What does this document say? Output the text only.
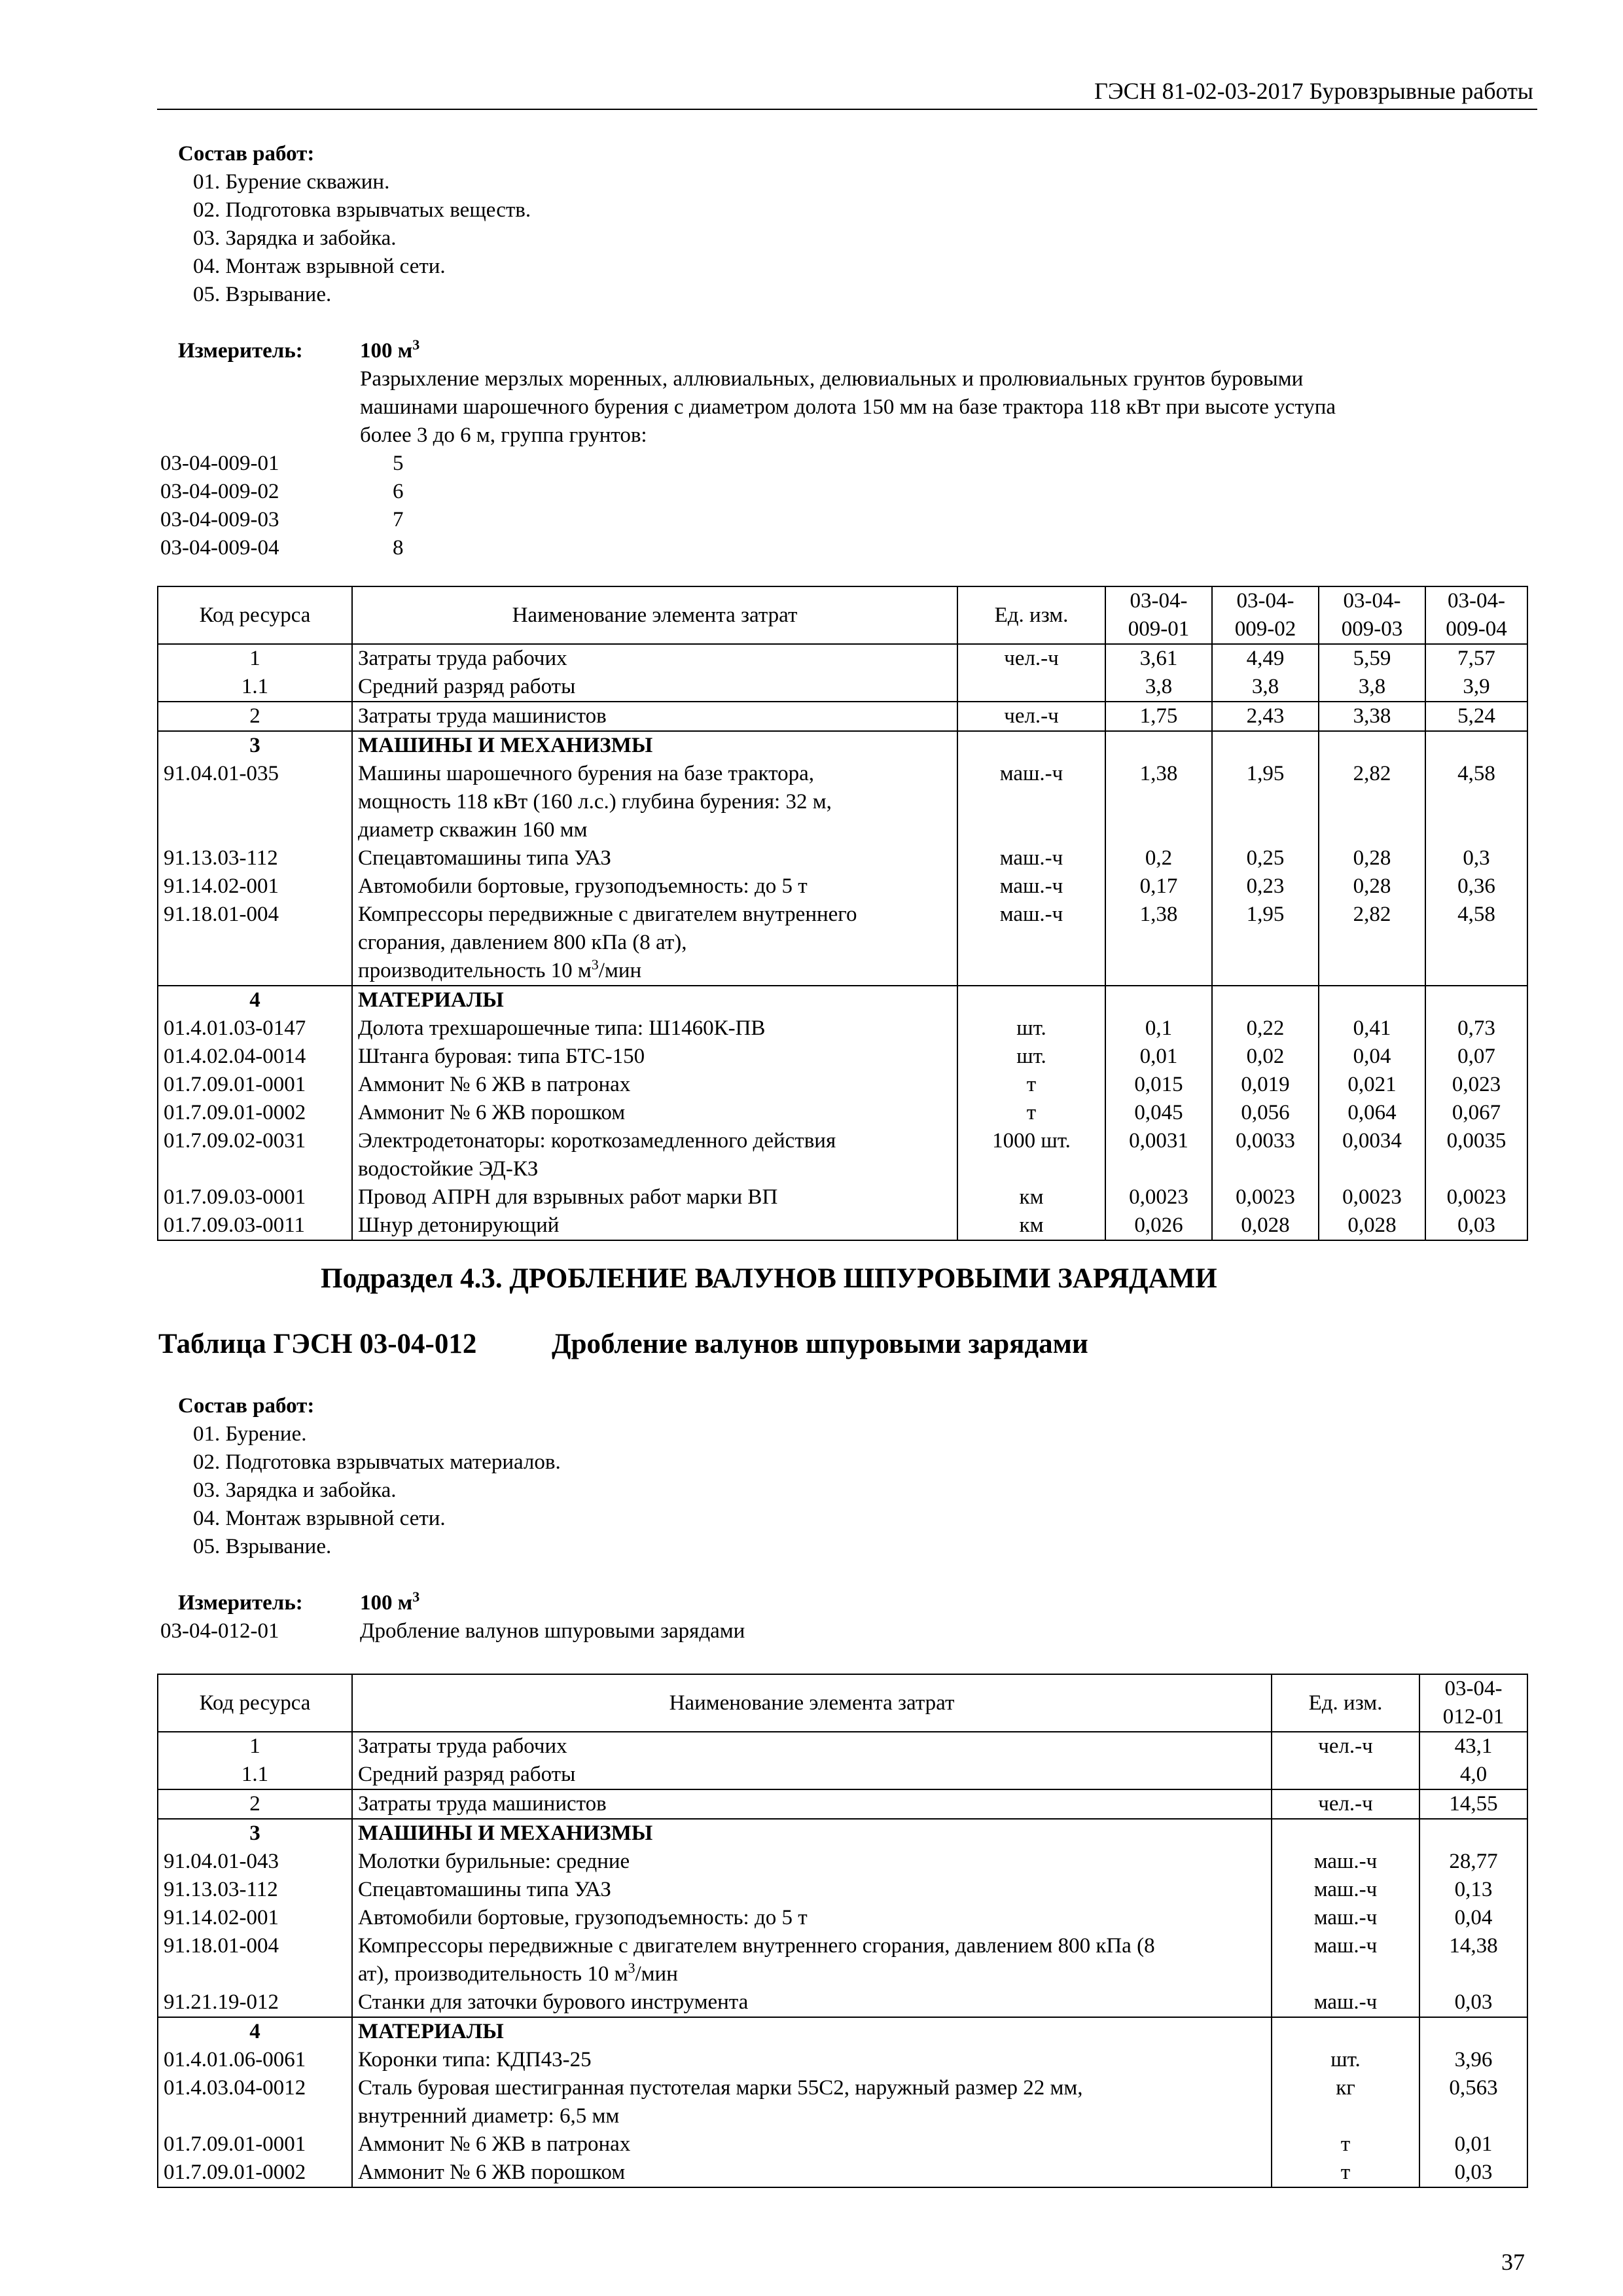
ГЭСН 81-02-03-2017 Буровзрывные работы
Состав работ:
01. Бурение скважин.
02. Подготовка взрывчатых веществ.
03. Зарядка и забойка.
04. Монтаж взрывной сети.
05. Взрывание.
Измеритель:	100 $м^3$
Разрыхление мерзлых моренных, аллювиальных, делювиальных и пролювиальных грунтов буровыми
машинами шарошечного бурения с диаметром долота 150 мм на базе трактора 118 кВт при высоте уступа
более 3 до 6 м, группа грунтов:
03-04-009-01	5
03-04-009-02	6
03-04-009-03	7
03-04-009-04	8
Код ресурса	Наименование элемента затрат	Ед. изм.	03-04-
009-01	03-04-
009-02	03-04-
009-03	03-04-
009-04
1	Затраты труда рабочих	чел.-ч	3,61	4,49	5,59	7,57
1.1	Средний разряд работы		3,8	3,8	3,8	3,9
2	Затраты труда машинистов	чел.-ч	1,75	2,43	3,38	5,24
3	МАШИНЫ И МЕХАНИЗМЫ					
91.04.01-035	Машины шарошечного бурения на базе трактора,
мощность 118 кВт (160 л.с.) глубина бурения: 32 м,
диаметр скважин 160 мм	маш.-ч	1,38	1,95	2,82	4,58
91.13.03-112	Спецавтомашины типа УАЗ	маш.-ч	0,2	0,25	0,28	0,3
91.14.02-001	Автомобили бортовые, грузоподъемность: до 5 т	маш.-ч	0,17	0,23	0,28	0,36
91.18.01-004	Компрессоры передвижные с двигателем внутреннего
сгорания, давлением 800 кПа (8 ат),
производительность 10 $м^3$/мин	маш.-ч	1,38	1,95	2,82	4,58
4	МАТЕРИАЛЫ					
01.4.01.03-0147	Долота трехшарошечные типа: Ш1460К-ПВ	шт.	0,1	0,22	0,41	0,73
01.4.02.04-0014	Штанга буровая: типа БТС-150	шт.	0,01	0,02	0,04	0,07
01.7.09.01-0001	Аммонит № 6 ЖВ в патронах	т	0,015	0,019	0,021	0,023
01.7.09.01-0002	Аммонит № 6 ЖВ порошком	т	0,045	0,056	0,064	0,067
01.7.09.02-0031	Электродетонаторы: короткозамедленного действия
водостойкие ЭД-КЗ	1000 шт.	0,0031	0,0033	0,0034	0,0035
01.7.09.03-0001	Провод АПРН для взрывных работ марки ВП	км	0,0023	0,0023	0,0023	0,0023
01.7.09.03-0011	Шнур детонирующий	км	0,026	0,028	0,028	0,03
Подраздел 4.3. ДРОБЛЕНИЕ ВАЛУНОВ ШПУРОВЫМИ ЗАРЯДАМИ
Таблица ГЭСН 03-04-012	Дробление валунов шпуровыми зарядами
Состав работ:
01. Бурение.
02. Подготовка взрывчатых материалов.
03. Зарядка и забойка.
04. Монтаж взрывной сети.
05. Взрывание.
Измеритель:	100 $м^3$
03-04-012-01	Дробление валунов шпуровыми зарядами
Код ресурса	Наименование элемента затрат	Ед. изм.	03-04-
012-01
1	Затраты труда рабочих	чел.-ч	43,1
1.1	Средний разряд работы		4,0
2	Затраты труда машинистов	чел.-ч	14,55
3	МАШИНЫ И МЕХАНИЗМЫ		
91.04.01-043	Молотки бурильные: средние	маш.-ч	28,77
91.13.03-112	Спецавтомашины типа УАЗ	маш.-ч	0,13
91.14.02-001	Автомобили бортовые, грузоподъемность: до 5 т	маш.-ч	0,04
91.18.01-004	Компрессоры передвижные с двигателем внутреннего сгорания, давлением 800 кПа (8
ат), производительность 10 $м^3$/мин	маш.-ч	14,38
91.21.19-012	Станки для заточки бурового инструмента	маш.-ч	0,03
4	МАТЕРИАЛЫ		
01.4.01.06-0061	Коронки типа: КДП43-25	шт.	3,96
01.4.03.04-0012	Сталь буровая шестигранная пустотелая марки 55С2, наружный размер 22 мм,
внутренний диаметр: 6,5 мм	кг	0,563
01.7.09.01-0001	Аммонит № 6 ЖВ в патронах	т	0,01
01.7.09.01-0002	Аммонит № 6 ЖВ порошком	т	0,03
37
